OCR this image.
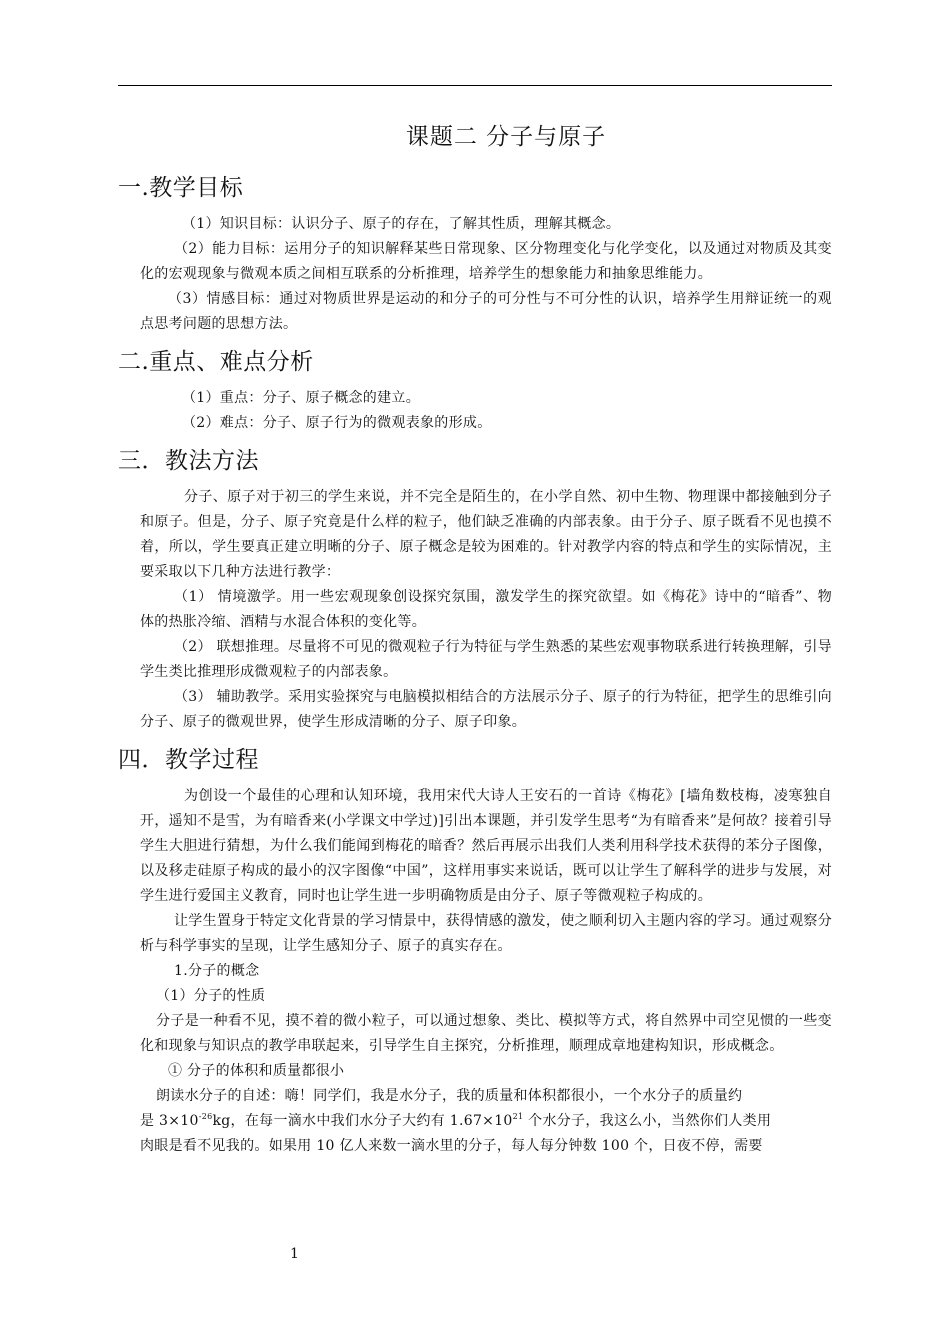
课题二 分子与原子
一.教学目标

（1）知识目标：认识分子、原子的存在，了解其性质，理解其概念。

（2）能力目标：运用分子的知识解释某些日常现象、区分物理变化与化学变化，以及通过对物质及其变化的宏观现象与微观本质之间相互联系的分析推理，培养学生的想象能力和抽象思维能力。

（3）情感目标：通过对物质世界是运动的和分子的可分性与不可分性的认识，培养学生用辩证统一的观点思考问题的思想方法。

二.重点、难点分析

（1）重点：分子、原子概念的建立。

（2）难点：分子、原子行为的微观表象的形成。

三．教法方法

分子、原子对于初三的学生来说，并不完全是陌生的，在小学自然、初中生物、物理课中都接触到分子和原子。但是，分子、原子究竟是什么样的粒子，他们缺乏准确的内部表象。由于分子、原子既看不见也摸不着，所以，学生要真正建立明晰的分子、原子概念是较为困难的。针对教学内容的特点和学生的实际情况，主要采取以下几种方法进行教学：

（1） 情境激学。用一些宏观现象创设探究氛围，激发学生的探究欲望。如《梅花》诗中的“暗香”、物体的热胀冷缩、酒精与水混合体积的变化等。

（2） 联想推理。尽量将不可见的微观粒子行为特征与学生熟悉的某些宏观事物联系进行转换理解，引导学生类比推理形成微观粒子的内部表象。

（3） 辅助教学。采用实验探究与电脑模拟相结合的方法展示分子、原子的行为特征，把学生的思维引向分子、原子的微观世界，使学生形成清晰的分子、原子印象。

四．教学过程

为创设一个最佳的心理和认知环境，我用宋代大诗人王安石的一首诗《梅花》[墙角数枝梅，凌寒独自开，遥知不是雪，为有暗香来(小学课文中学过)]引出本课题，并引发学生思考“为有暗香来”是何故？接着引导学生大胆进行猜想，为什么我们能闻到梅花的暗香？然后再展示出我们人类利用科学技术获得的苯分子图像，以及移走硅原子构成的最小的汉字图像“中国”，这样用事实来说话，既可以让学生了解科学的进步与发展，对学生进行爱国主义教育，同时也让学生进一步明确物质是由分子、原子等微观粒子构成的。

让学生置身于特定文化背景的学习情景中，获得情感的激发，使之顺利切入主题内容的学习。通过观察分析与科学事实的呈现，让学生感知分子、原子的真实存在。

1.分子的概念

（1）分子的性质

分子是一种看不见，摸不着的微小粒子，可以通过想象、类比、模拟等方式，将自然界中司空见惯的一些变化和现象与知识点的教学串联起来，引导学生自主探究，分析推理，顺理成章地建构知识，形成概念。

① 分子的体积和质量都很小

朗读水分子的自述：嗨！同学们，我是水分子，我的质量和体积都很小，一个水分子的质量约

是 $3\times 10^{-26}kg$，在每一滴水中我们水分子大约有 $1.67\times 10^{21}$ 个水分子，我这么小，当然你们人类用

肉眼是看不见我的。如果用 10 亿人来数一滴水里的分子，每人每分钟数 100 个，日夜不停，需要

1
